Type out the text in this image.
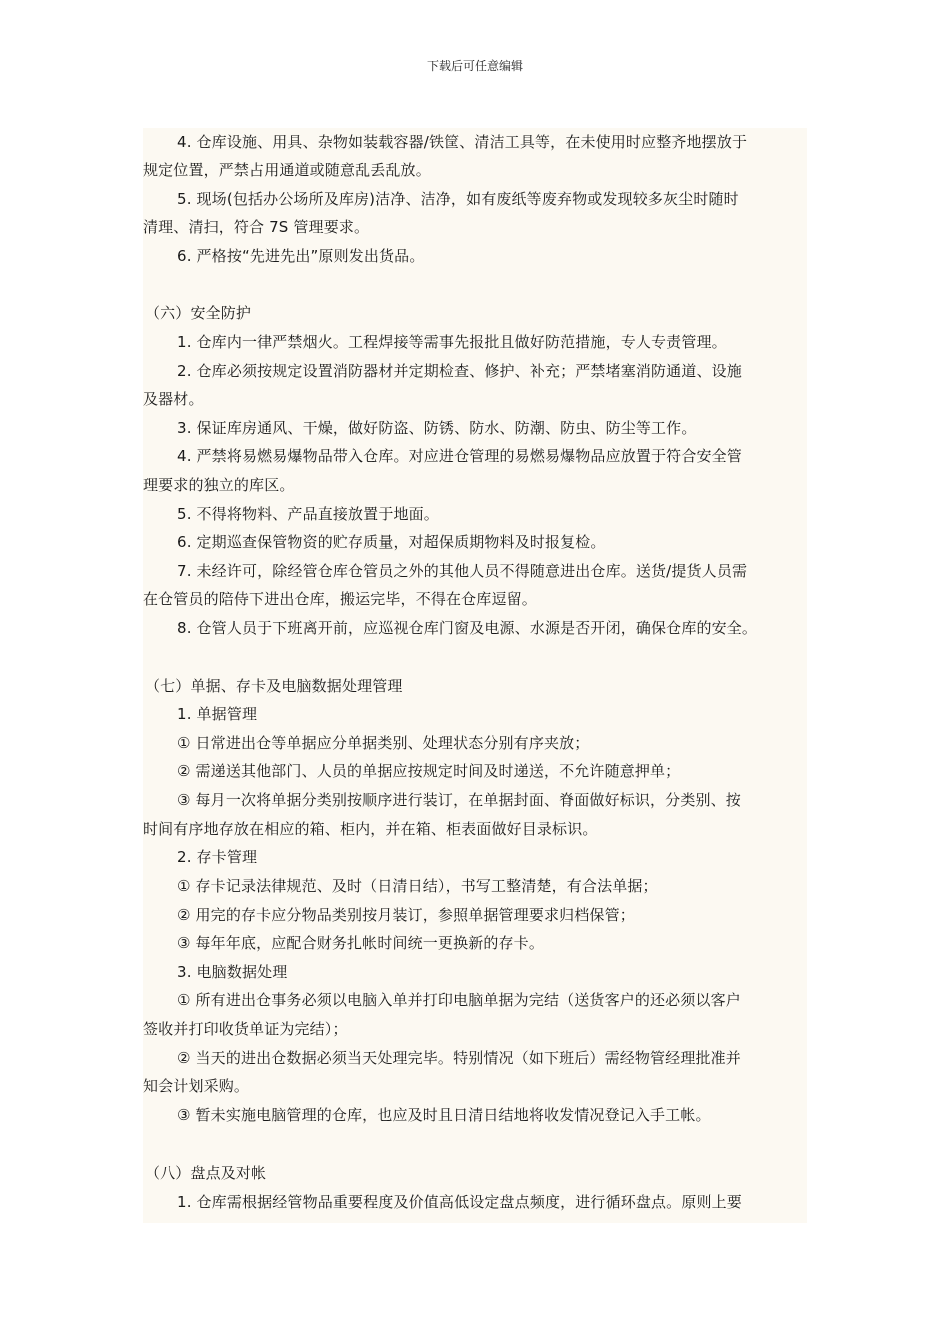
下载后可任意编辑
4. 仓库设施、用具、杂物如装载容器/铁筐、清洁工具等，在未使用时应整齐地摆放于
规定位置，严禁占用通道或随意乱丢乱放。
5. 现场(包括办公场所及库房)洁净、洁净，如有废纸等废弃物或发现较多灰尘时随时
清理、清扫，符合 7S 管理要求。
6. 严格按“先进先出”原则发出货品。
（六）安全防护
1. 仓库内一律严禁烟火。工程焊接等需事先报批且做好防范措施，专人专责管理。
2. 仓库必须按规定设置消防器材并定期检查、修护、补充；严禁堵塞消防通道、设施
及器材。
3. 保证库房通风、干燥，做好防盗、防锈、防水、防潮、防虫、防尘等工作。
4. 严禁将易燃易爆物品带入仓库。对应进仓管理的易燃易爆物品应放置于符合安全管
理要求的独立的库区。
5. 不得将物料、产品直接放置于地面。
6. 定期巡查保管物资的贮存质量，对超保质期物料及时报复检。
7. 未经许可，除经管仓库仓管员之外的其他人员不得随意进出仓库。送货/提货人员需
在仓管员的陪侍下进出仓库，搬运完毕，不得在仓库逗留。
8. 仓管人员于下班离开前，应巡视仓库门窗及电源、水源是否开闭，确保仓库的安全。
（七）单据、存卡及电脑数据处理管理
1. 单据管理
① 日常进出仓等单据应分单据类别、处理状态分别有序夹放；
② 需递送其他部门、人员的单据应按规定时间及时递送，不允许随意押单；
③ 每月一次将单据分类别按顺序进行装订，在单据封面、脊面做好标识，分类别、按
时间有序地存放在相应的箱、柜内，并在箱、柜表面做好目录标识。
2. 存卡管理
① 存卡记录法律规范、及时（日清日结），书写工整清楚，有合法单据；
② 用完的存卡应分物品类别按月装订，参照单据管理要求归档保管；
③ 每年年底，应配合财务扎帐时间统一更换新的存卡。
3. 电脑数据处理
① 所有进出仓事务必须以电脑入单并打印电脑单据为完结（送货客户的还必须以客户
签收并打印收货单证为完结）；
② 当天的进出仓数据必须当天处理完毕。特别情况（如下班后）需经物管经理批准并
知会计划采购。
③ 暂未实施电脑管理的仓库，也应及时且日清日结地将收发情况登记入手工帐。
（八）盘点及对帐
1. 仓库需根据经管物品重要程度及价值高低设定盘点频度，进行循环盘点。原则上要
